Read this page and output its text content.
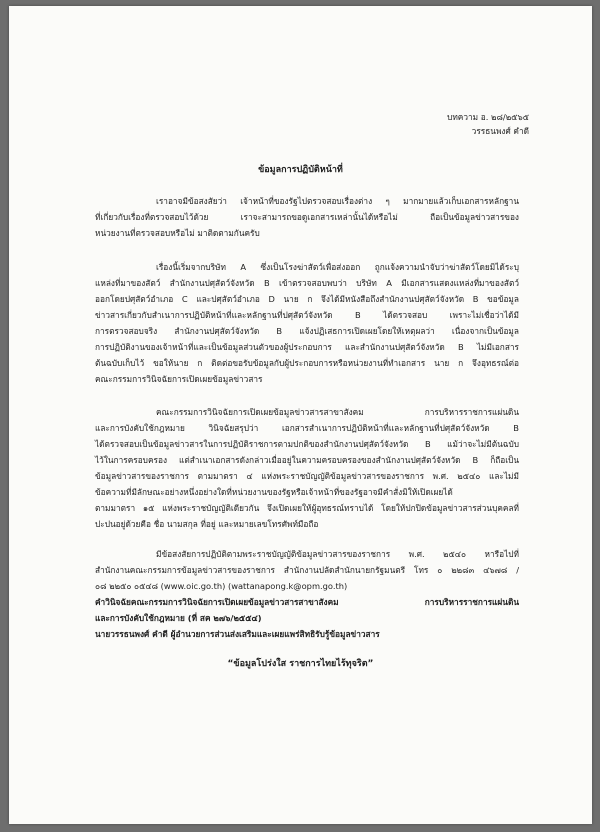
บทความ อ. ๒๘/๒๕๖๕
วรรธนพงศ์ คำดี
ข้อมูลการปฏิบัติหน้าที่
เราอาจมีข้อสงสัยว่า เจ้าหน้าที่ของรัฐไปตรวจสอบเรื่องต่าง ๆ มากมายแล้วเก็บเอกสารหลักฐาน
ที่เกี่ยวกับเรื่องที่ตรวจสอบไว้ด้วย เราจะสามารถขอดูเอกสารเหล่านั้นได้หรือไม่ ถือเป็นข้อมูลข่าวสารของ
หน่วยงานที่ตรวจสอบหรือไม่ มาติดตามกันครับ
เรื่องนี้เริ่มจากบริษัท A ซึ่งเป็นโรงฆ่าสัตว์เพื่อส่งออก ถูกแจ้งความนำจับว่าฆ่าสัตว์โดยมิได้ระบุ
แหล่งที่มาของสัตว์ สำนักงานปศุสัตว์จังหวัด B เข้าตรวจสอบพบว่า บริษัท A มีเอกสารแสดงแหล่งที่มาของสัตว์
ออกโดยปศุสัตว์อำเภอ C และปศุสัตว์อำเภอ D นาย ก จึงได้มีหนังสือถึงสำนักงานปศุสัตว์จังหวัด B ขอข้อมูล
ข่าวสารเกี่ยวกับสำเนาการปฏิบัติหน้าที่และหลักฐานที่ปศุสัตว์จังหวัด B ได้ตรวจสอบ เพราะไม่เชื่อว่าได้มี
การตรวจสอบจริง สำนักงานปศุสัตว์จังหวัด B แจ้งปฏิเสธการเปิดเผยโดยให้เหตุผลว่า เนื่องจากเป็นข้อมูล
การปฏิบัติงานของเจ้าหน้าที่และเป็นข้อมูลส่วนตัวของผู้ประกอบการ และสำนักงานปศุสัตว์จังหวัด B ไม่มีเอกสาร
ต้นฉบับเก็บไว้ ขอให้นาย ก ติดต่อขอรับข้อมูลกับผู้ประกอบการหรือหน่วยงานที่ทำเอกสาร นาย ก จึงอุทธรณ์ต่อ
คณะกรรมการวินิจฉัยการเปิดเผยข้อมูลข่าวสาร
คณะกรรมการวินิจฉัยการเปิดเผยข้อมูลข่าวสารสาขาสังคม การบริหารราชการแผ่นดิน
และการบังคับใช้กฎหมาย วินิจฉัยสรุปว่า เอกสารสำเนาการปฏิบัติหน้าที่และหลักฐานที่ปศุสัตว์จังหวัด B
ได้ตรวจสอบเป็นข้อมูลข่าวสารในการปฏิบัติราชการตามปกติของสำนักงานปศุสัตว์จังหวัด B แม้ว่าจะไม่มีต้นฉบับ
ไว้ในการครอบครอง แต่สำเนาเอกสารดังกล่าวเมื่ออยู่ในความครอบครองของสำนักงานปศุสัตว์จังหวัด B ก็ถือเป็น
ข้อมูลข่าวสารของราชการ ตามมาตรา ๔ แห่งพระราชบัญญัติข้อมูลข่าวสารของราชการ พ.ศ. ๒๕๔๐ และไม่มี
ข้อความที่มีลักษณะอย่างหนึ่งอย่างใดที่หน่วยงานของรัฐหรือเจ้าหน้าที่ของรัฐอาจมีคำสั่งมิให้เปิดเผยได้
ตามมาตรา ๑๕ แห่งพระราชบัญญัติเดียวกัน จึงเปิดเผยให้ผู้อุทธรณ์ทราบได้ โดยให้ปกปิดข้อมูลข่าวสารส่วนบุคคลที่
ปะปนอยู่ด้วยคือ ชื่อ นามสกุล ที่อยู่ และหมายเลขโทรศัพท์มือถือ
มีข้อสงสัยการปฏิบัติตามพระราชบัญญัติข้อมูลข่าวสารของราชการ พ.ศ. ๒๕๔๐ หารือไปที่
สำนักงานคณะกรรมการข้อมูลข่าวสารของราชการ สำนักงานปลัดสำนักนายกรัฐมนตรี โทร ๐ ๒๒๘๓ ๔๖๗๘ /
๐๘ ๒๒๕๐ ๐๕๔๘ (www.oic.go.th) (wattanapong.k@opm.go.th)
คำวินิจฉัยคณะกรรมการวินิจฉัยการเปิดเผยข้อมูลข่าวสารสาขาสังคม การบริหารราชการแผ่นดิน
และการบังคับใช้กฎหมาย (ที่ สค ๒๗๖/๒๕๕๔)
นายวรรธนพงศ์ คำดี ผู้อำนวยการส่วนส่งเสริมและเผยแพร่สิทธิรับรู้ข้อมูลข่าวสาร
“ข้อมูลโปร่งใส ราชการไทยไร้ทุจริต”
